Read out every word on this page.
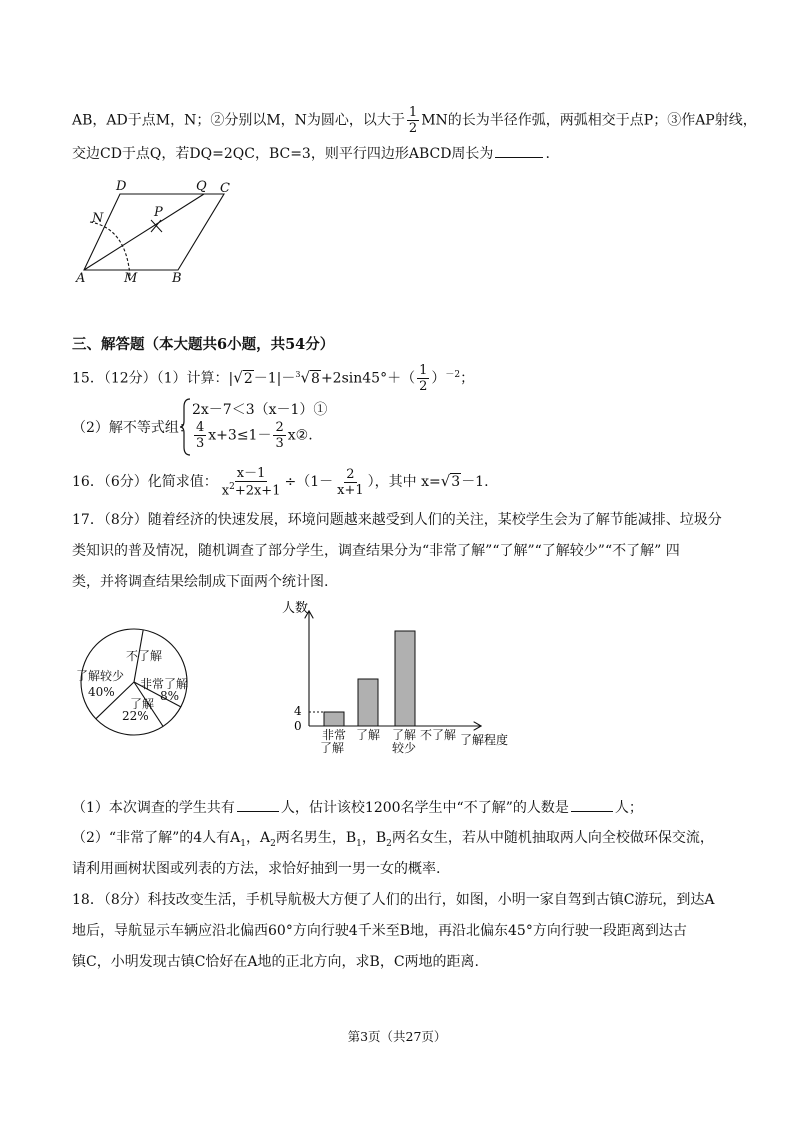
AB，AD于点M，N；②分别以M，N为圆心，以大于 $\frac{1}{2}$ MN的长为半径作弧，两弧相交于点P；③作AP射线，
交边CD于点Q，若DQ=2QC，BC=3，则平行四边形ABCD周长为	.
D	Q C
P
N
A	M	B
三、解答题（本大题共6小题，共54分）
15．（12分）（1）计算：$|√2-1|-^3√8+2\sin 45^\circ+( \frac{1}{2} )^{-2}$；
（2）解不等式组：
2x－7＜3（x－1）①
$\frac{4}{3} x+3\le 1- \frac{2}{3}$ x②.
16．（6分）化简求值： $\frac{x-1}{x^2+2x+1} \div(1- \frac{2}{x+1}$ ），其中 x=√3－1.
17．（8分）随着经济的快速发展，环境问题越来越受到人们的关注，某校学生会为了解节能减排、垃圾分
类知识的普及情况，随机调查了部分学生，调查结果分为“非常了解”“了解”“了解较少”“不了解” 四
类，并将调查结果绘制成下面两个统计图.
不了解
了解较少
40%
非常了解
8%
了解
22%
人数
了解程度
4
0
非常
了解
了解 了解
较少
不了解
（1）本次调查的学生共有	人，估计该校1200名学生中“不了解”的人数是	人；
（2）“非常了解”的4人有$A_1$，$A_2$两名男生，$B_1$，$B_2$两名女生，若从中随机抽取两人向全校做环保交流，
请利用画树状图或列表的方法，求恰好抽到一男一女的概率.
18．（8分）科技改变生活，手机导航极大方便了人们的出行，如图，小明一家自驾到古镇C游玩，到达A
地后，导航显示车辆应沿北偏西60°方向行驶4千米至B地，再沿北偏东45°方向行驶一段距离到达古
镇C，小明发现古镇C恰好在A地的正北方向，求B，C两地的距离.
第3页（共27页）
